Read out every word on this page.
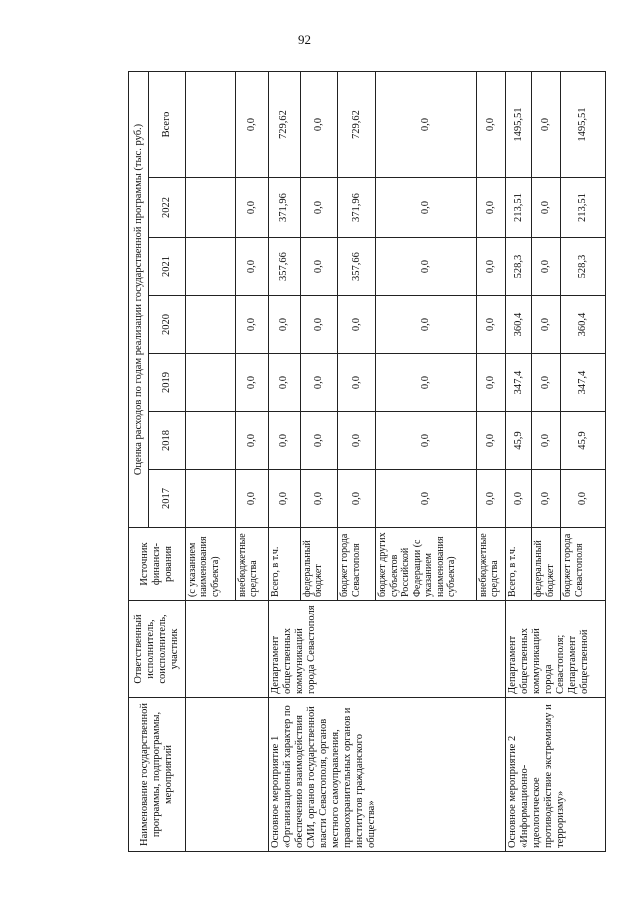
92
Наименование государственной программы, подпрограммы, мероприятий	Ответственный исполнитель, соисполнитель, участник	Источник финанси-рования	Оценка расходов по годам реализации государственной программы (тыс. руб.)						
			2017	2018	2019	2020	2021	2022	Всего
		(с указанием наименования субъекта)							
		внебюджетные средства	0,0	0,0	0,0	0,0	0,0	0,0	0,0
Основное мероприятие 1 «Организационный характер по обеспечению взаимодействия СМИ, органов государственной власти Севастополя, органов местного самоуправления, правоохранительных органов и институтов гражданского общества»	Департамент общественных коммуникаций города Севастополя	Всего, в т.ч.	0,0	0,0	0,0	0,0	357,66	371,96	729,62
		федеральный бюджет	0,0	0,0	0,0	0,0	0,0	0,0	0,0
		бюджет города Севастополя	0,0	0,0	0,0	0,0	357,66	371,96	729,62
		бюджет других субъектов Российской Федерации (с указанием наименования субъекта)	0,0	0,0	0,0	0,0	0,0	0,0	0,0
		внебюджетные средства	0,0	0,0	0,0	0,0	0,0	0,0	0,0
Основное мероприятие 2 «Информационно-идеологическое противодействие экстремизму и терроризму»	Департамент общественных коммуникаций города Севастополя; Департамент общественной	Всего, в т.ч.	0,0	45,9	347,4	360,4	528,3	213,51	1495,51
		федеральный бюджет	0,0	0,0	0,0	0,0	0,0	0,0	0,0
		бюджет города Севастополя	0,0	45,9	347,4	360,4	528,3	213,51	1495,51
